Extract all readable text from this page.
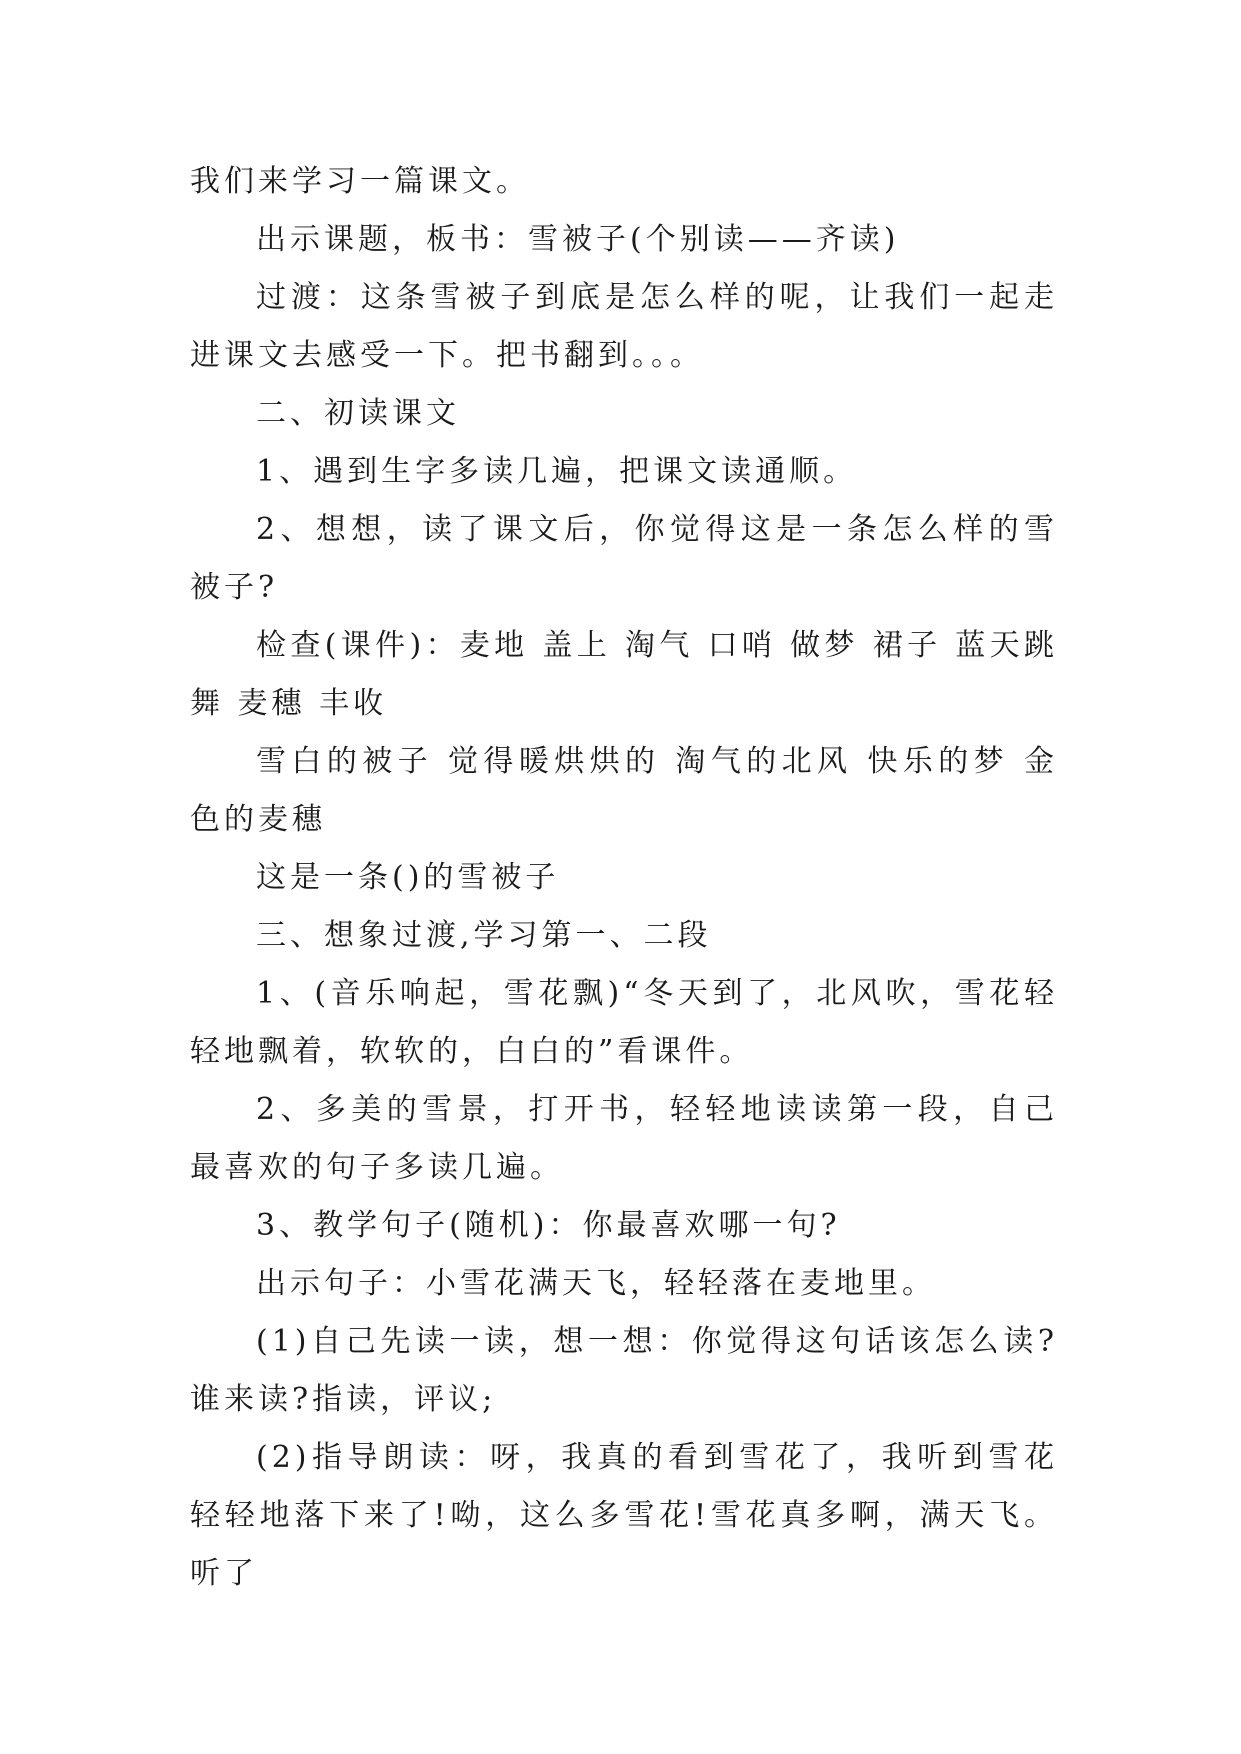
我们来学习一篇课文。

出示课题，板书：雪被子(个别读——齐读)

过渡：这条雪被子到底是怎么样的呢，让我们一起走进课文去感受一下。把书翻到。。。

二、初读课文

1、遇到生字多读几遍，把课文读通顺。

2、想想，读了课文后，你觉得这是一条怎么样的雪被子?

检查(课件)：麦地 盖上 淘气 口哨 做梦 裙子 蓝天跳舞 麦穗 丰收

雪白的被子 觉得暖烘烘的 淘气的北风 快乐的梦 金色的麦穗

这是一条()的雪被子

三、想象过渡,学习第一、二段

1、(音乐响起，雪花飘)“冬天到了，北风吹，雪花轻轻地飘着，软软的，白白的”看课件。

2、多美的雪景，打开书，轻轻地读读第一段，自己最喜欢的句子多读几遍。

3、教学句子(随机)：你最喜欢哪一句?

出示句子：小雪花满天飞，轻轻落在麦地里。

(1)自己先读一读，想一想：你觉得这句话该怎么读?谁来读?指读，评议;

(2)指导朗读：呀，我真的看到雪花了，我听到雪花轻轻地落下来了!呦，这么多雪花!雪花真多啊，满天飞。听了
